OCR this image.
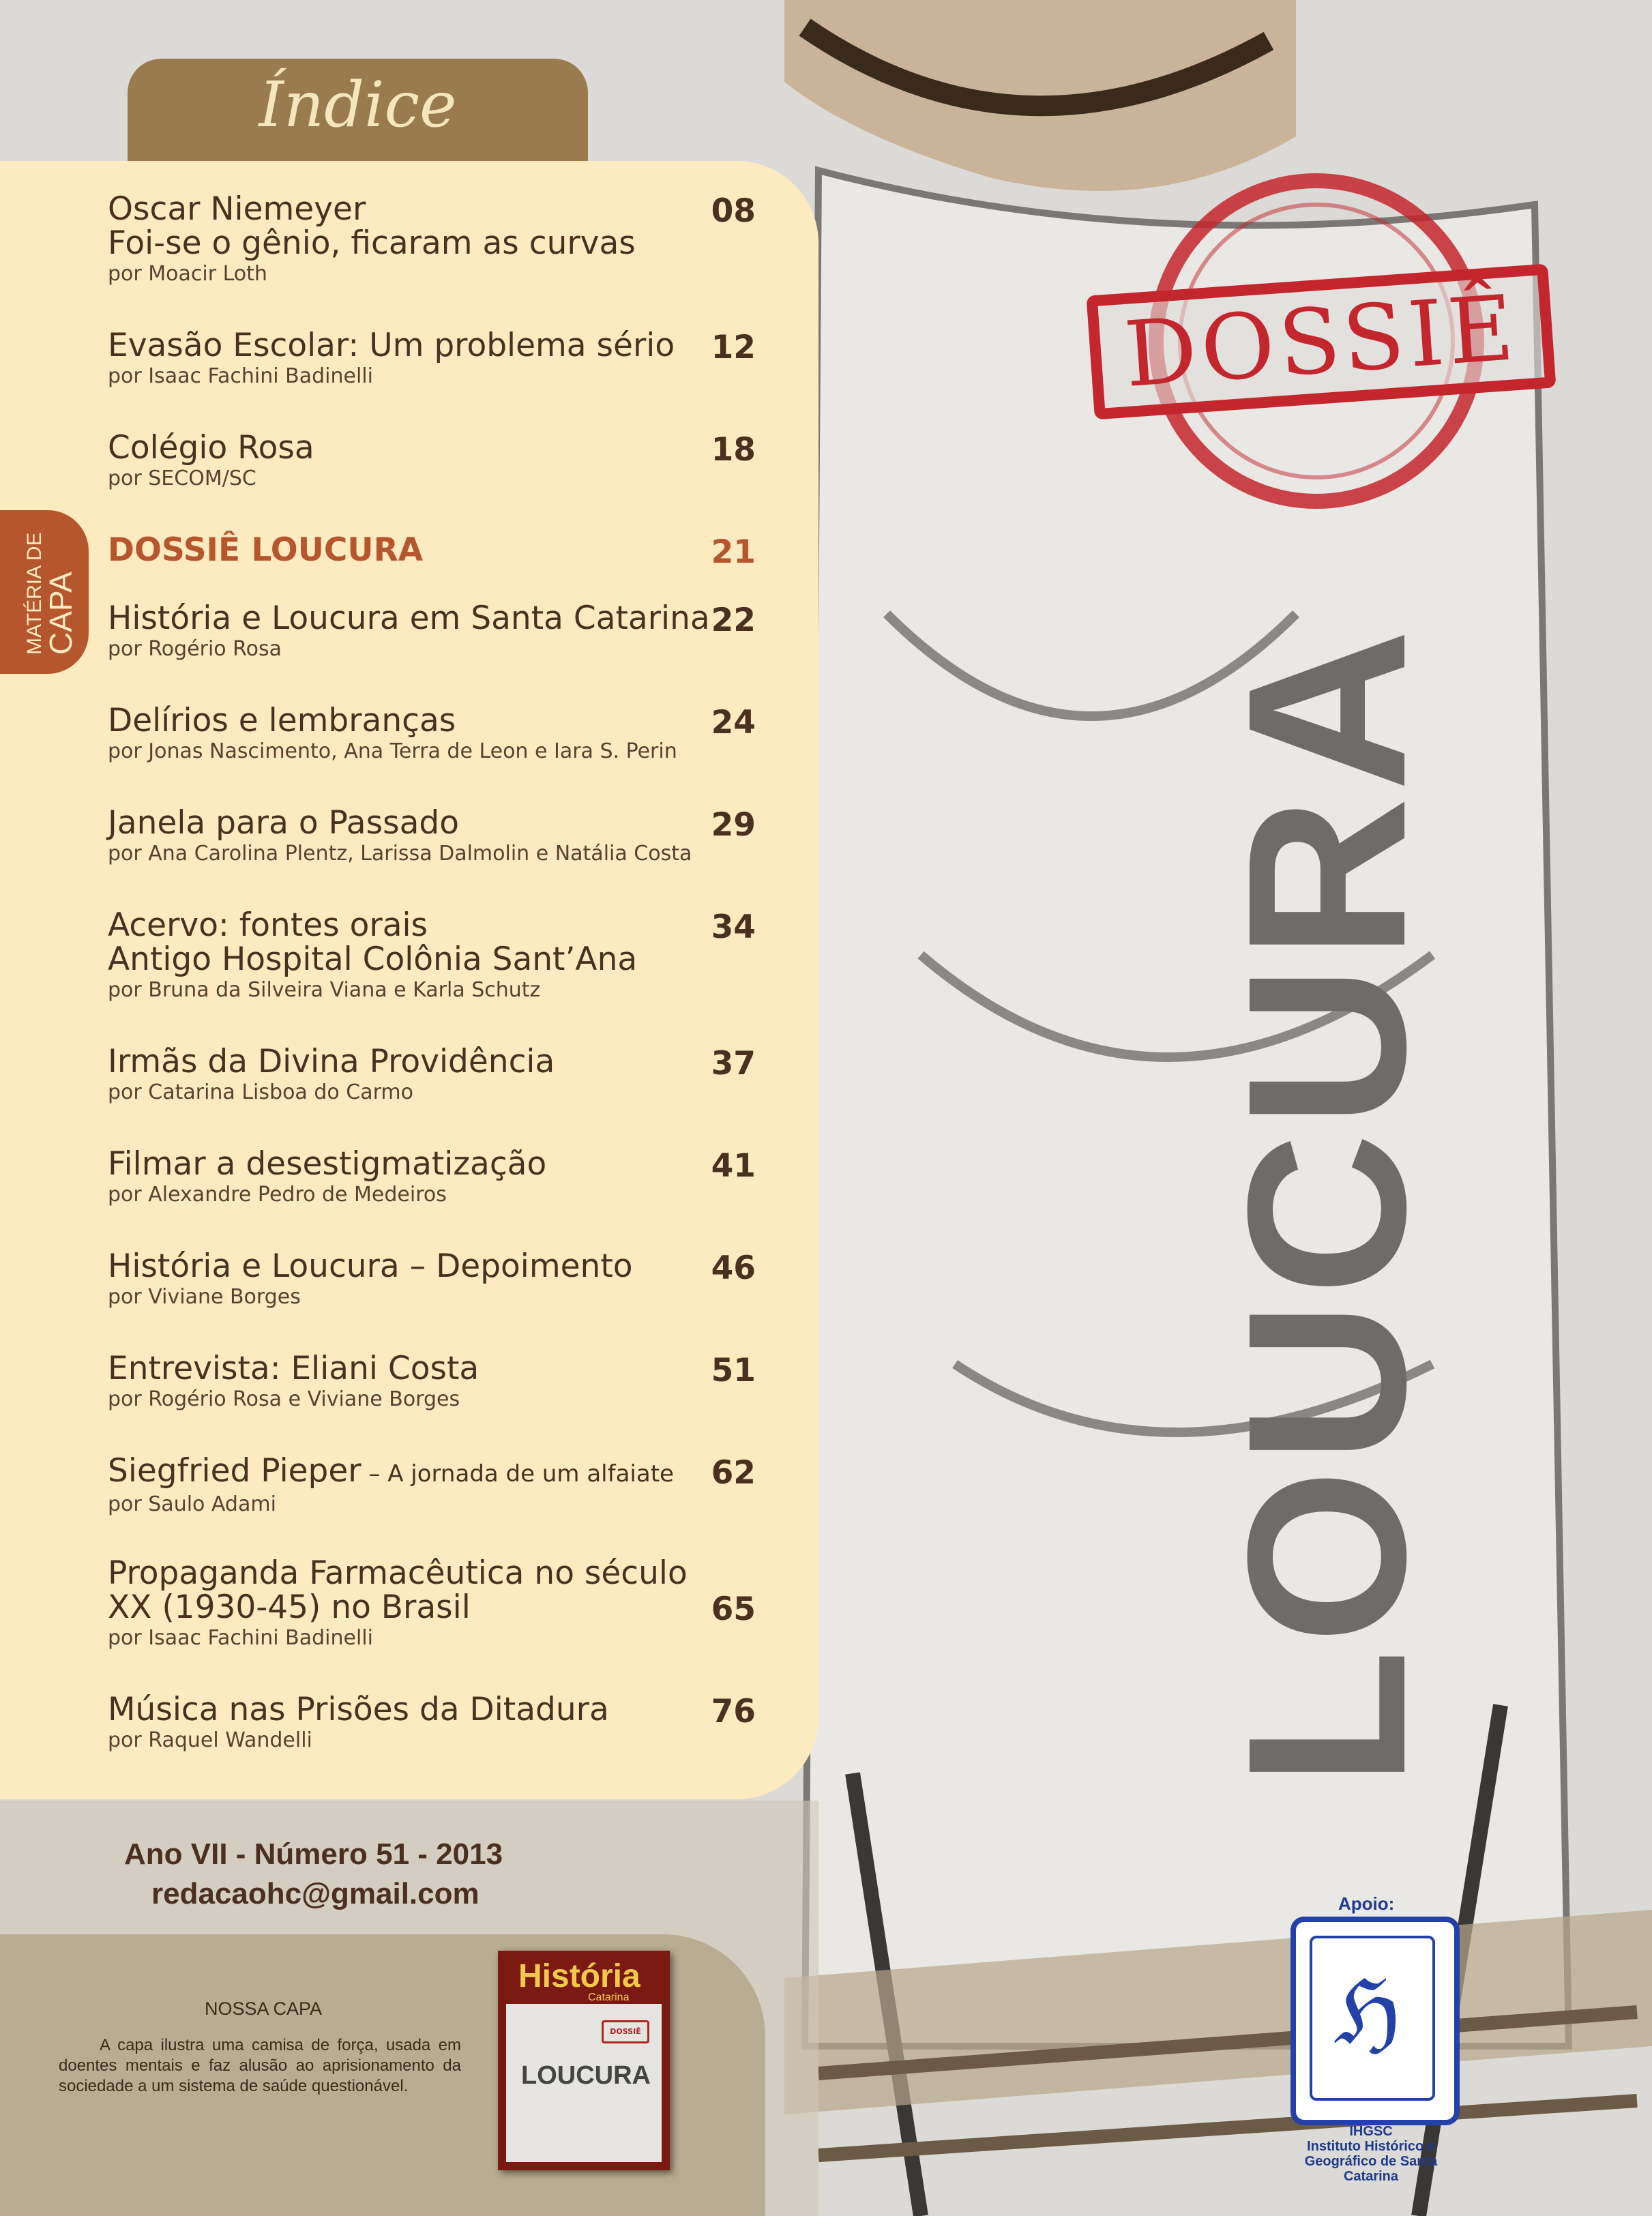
Índice
MATÉRIA DE
CAPA
Oscar Niemeyer
Foi-se o gênio, ficaram as curvas
por Moacir Loth
08
Evasão Escolar: Um problema sério
por Isaac Fachini Badinelli
12
Colégio Rosa
por SECOM/SC
18
DOSSIÊ LOUCURA	21
História e Loucura em Santa Catarina
por Rogério Rosa
22
Delírios e lembranças
por Jonas Nascimento, Ana Terra de Leon e Iara S. Perin
24
Janela para o Passado
por Ana Carolina Plentz, Larissa Dalmolin e Natália Costa
29
Acervo: fontes orais
Antigo Hospital Colônia Sant’Ana
por Bruna da Silveira Viana e Karla Schutz
34
Irmãs da Divina Providência
por Catarina Lisboa do Carmo
37
Filmar a desestigmatização
por Alexandre Pedro de Medeiros
41
História e Loucura – Depoimento
por Viviane Borges
46
Entrevista: Eliani Costa
por Rogério Rosa e Viviane Borges
51
Siegfried Pieper – A jornada de um alfaiate
por Saulo Adami
62
Propaganda Farmacêutica no século
XX (1930-45) no Brasil
por Isaac Fachini Badinelli
65
Música nas Prisões da Ditadura
por Raquel Wandelli
76
Ano VII - Número 51 - 2013
redacaohc@gmail.com
NOSSA CAPA
A capa ilustra uma camisa de força, usada em doentes mentais e faz alusão ao aprisionamento da sociedade a um sistema de saúde questionável.
História
Catarina
DOSSIÊ
LOUCURA
DOSSIÊ
LOUCURA
Apoio:
ℌ
IHGSC
Instituto Histórico e
Geográfico de Santa Catarina
